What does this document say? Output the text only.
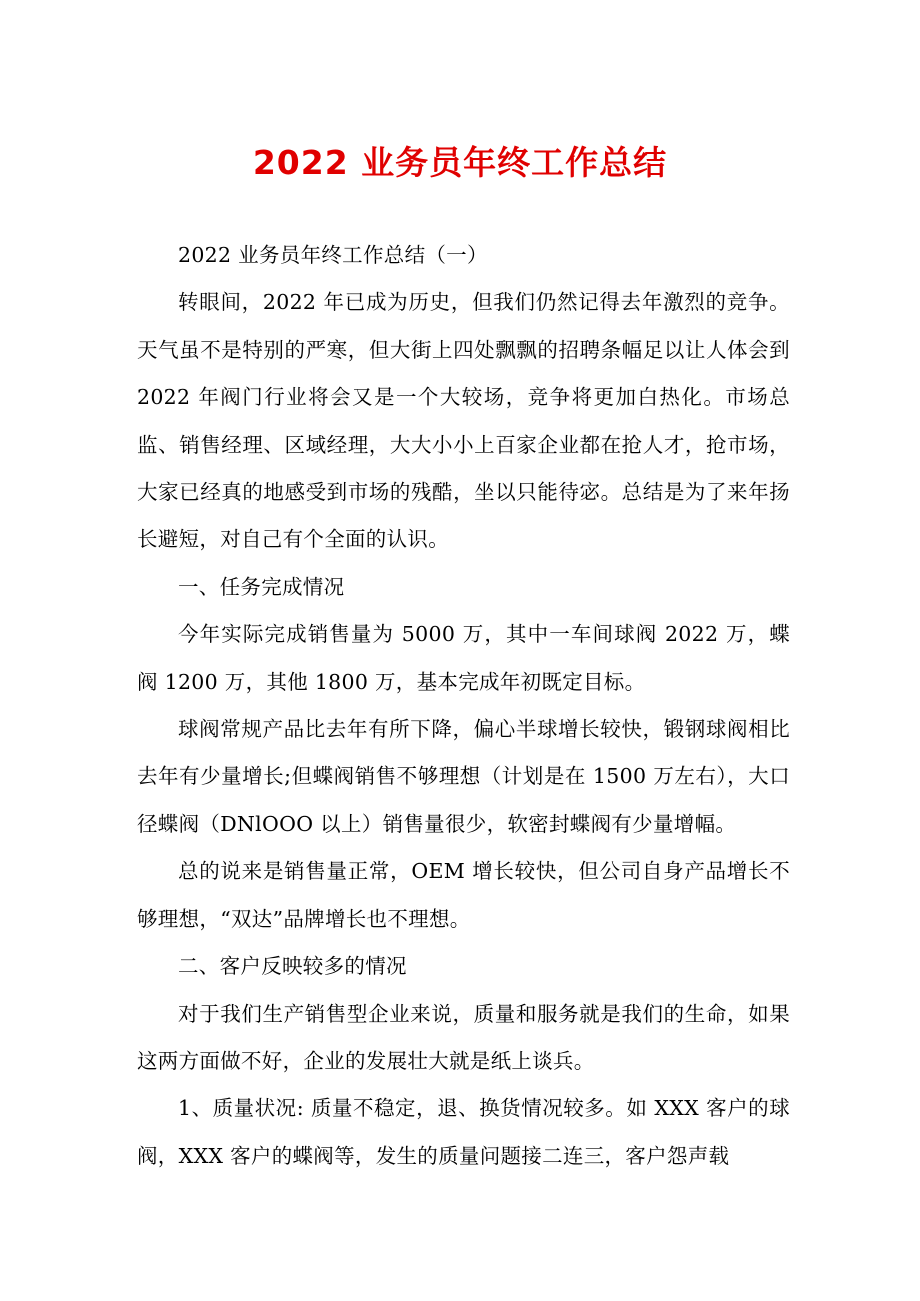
2022 业务员年终工作总结

2022 业务员年终工作总结（一）

转眼间，2022 年已成为历史，但我们仍然记得去年激烈的竞争。天气虽不是特别的严寒，但大街上四处飘飘的招聘条幅足以让人体会到 2022 年阀门行业将会又是一个大较场，竞争将更加白热化。市场总监、销售经理、区域经理，大大小小上百家企业都在抢人才，抢市场，大家已经真的地感受到市场的残酷，坐以只能待宓。总结是为了来年扬长避短，对自己有个全面的认识。

一、任务完成情况

今年实际完成销售量为 5000 万，其中一车间球阀 2022 万，蝶阀 1200 万，其他 1800 万，基本完成年初既定目标。

球阀常规产品比去年有所下降，偏心半球增长较快，锻钢球阀相比去年有少量增长;但蝶阀销售不够理想（计划是在 1500 万左右），大口径蝶阀（DNlOOO 以上）销售量很少，软密封蝶阀有少量增幅。

总的说来是销售量正常，OEM 增长较快，但公司自身产品增长不够理想，“双达”品牌增长也不理想。

二、客户反映较多的情况

对于我们生产销售型企业来说，质量和服务就是我们的生命，如果这两方面做不好，企业的发展壮大就是纸上谈兵。

1、质量状况: 质量不稳定，退、换货情况较多。如 XXX 客户的球阀，XXX 客户的蝶阀等，发生的质量问题接二连三，客户怨声载
